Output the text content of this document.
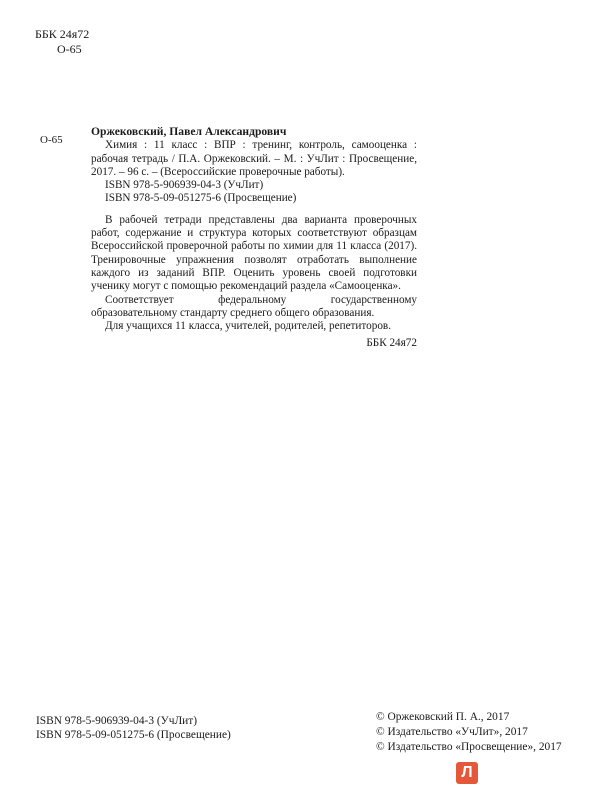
ББК 24я72
О-65
О-65
Оржековский, Павел Александрович

Химия : 11 класс : ВПР : тренинг, контроль, самооценка : рабочая тетрадь / П.А. Оржековский. – М. : УчЛит : Просвещение, 2017. – 96 с. – (Всероссийские проверочные работы).

ISBN 978-5-906939-04-3 (УчЛит)
ISBN 978-5-09-051275-6 (Просвещение)

В рабочей тетради представлены два варианта проверочных работ, содержание и структура которых соответствуют образцам Всероссийской проверочной работы по химии для 11 класса (2017). Тренировочные упражнения позволят отработать выполнение каждого из заданий ВПР. Оценить уровень своей подготовки ученику могут с помощью рекомендаций раздела «Самооценка».

Соответствует федеральному государственному образовательному стандарту среднего общего образования.

Для учащихся 11 класса, учителей, родителей, репетиторов.

ББК 24я72
ISBN 978-5-906939-04-3 (УчЛит)
ISBN 978-5-09-051275-6 (Просвещение)
© Оржековский П. А., 2017
© Издательство «УчЛит», 2017
© Издательство «Просвещение», 2017
Л
